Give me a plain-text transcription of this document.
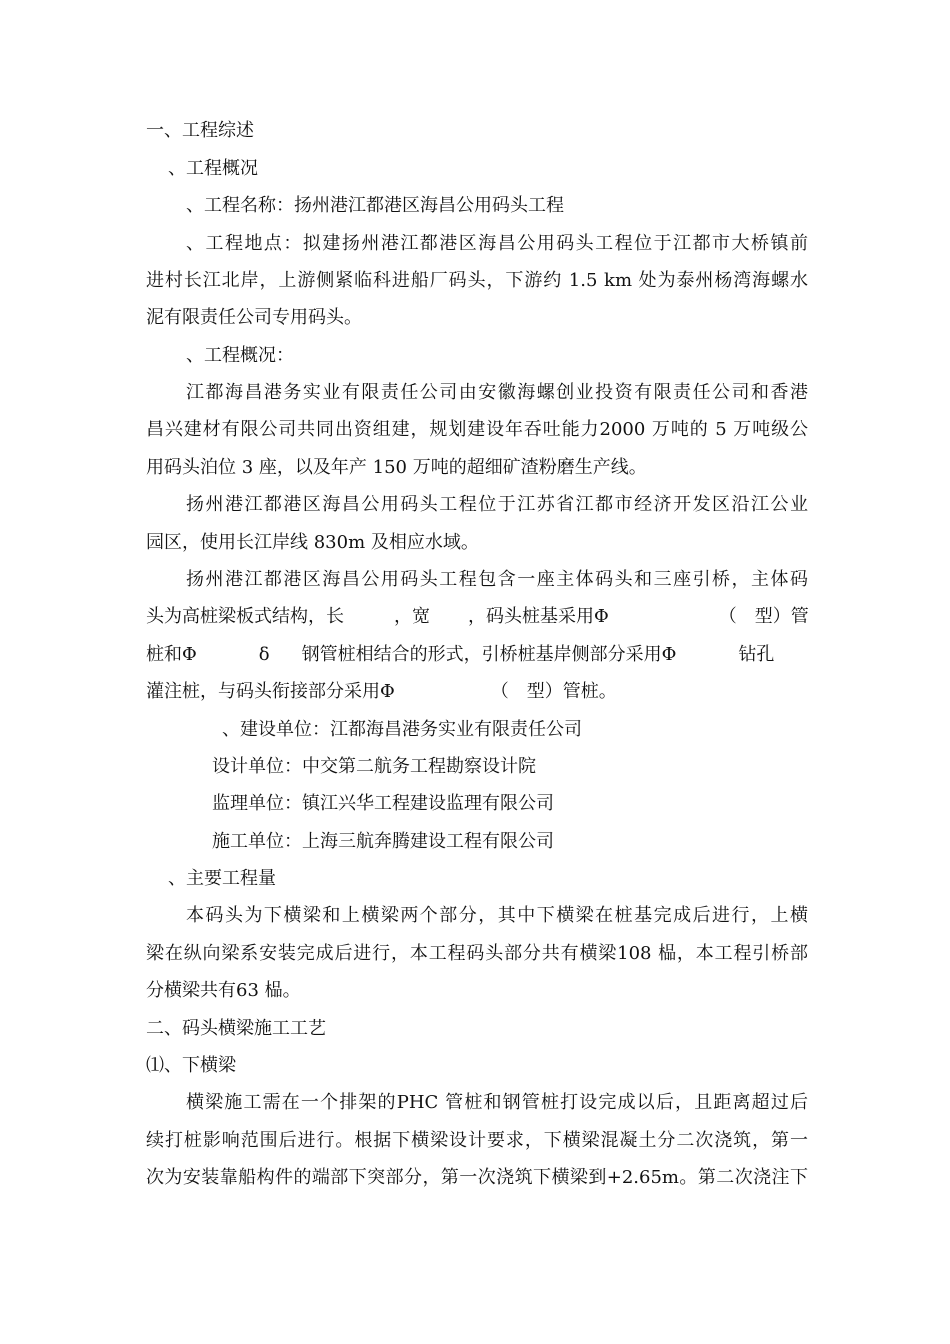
一、工程综述
、工程概况
、工程名称：扬州港江都港区海昌公用码头工程
、工程地点：拟建扬州港江都港区海昌公用码头工程位于江都市大桥镇前
进村长江北岸，上游侧紧临科进船厂码头，下游约 1.5 km 处为泰州杨湾海螺水
泥有限责任公司专用码头。
、工程概况：
江都海昌港务实业有限责任公司由安徽海螺创业投资有限责任公司和香港
昌兴建材有限公司共同出资组建，规划建设年吞吐能力2000 万吨的 5 万吨级公
用码头泊位 3 座，以及年产 150 万吨的超细矿渣粉磨生产线。
扬州港江都港区海昌公用码头工程位于江苏省江都市经济开发区沿江公业
园区，使用长江岸线 830m 及相应水域。
扬州港江都港区海昌公用码头工程包含一座主体码头和三座引桥，主体码
头为高桩梁板式结构，长	，宽 ，码头桩基采用Φ	（　型）管
桩和Φ	δ 钢管桩相结合的形式，引桥桩基岸侧部分采用Φ	钻孔
灌注桩，与码头衔接部分采用Φ	（　型）管桩。
、建设单位：江都海昌港务实业有限责任公司
设计单位：中交第二航务工程勘察设计院
监理单位：镇江兴华工程建设监理有限公司
施工单位：上海三航奔腾建设工程有限公司
、主要工程量
本码头为下横梁和上横梁两个部分，其中下横梁在桩基完成后进行，上横
梁在纵向梁系安装完成后进行，本工程码头部分共有横梁108 榀，本工程引桥部
分横梁共有63 榀。
二、码头横梁施工工艺
⑴、下横梁
横梁施工需在一个排架的PHC 管桩和钢管桩打设完成以后，且距离超过后
续打桩影响范围后进行。根据下横梁设计要求，下横梁混凝土分二次浇筑，第一
次为安装靠船构件的端部下突部分，第一次浇筑下横梁到+2.65m。第二次浇注下
